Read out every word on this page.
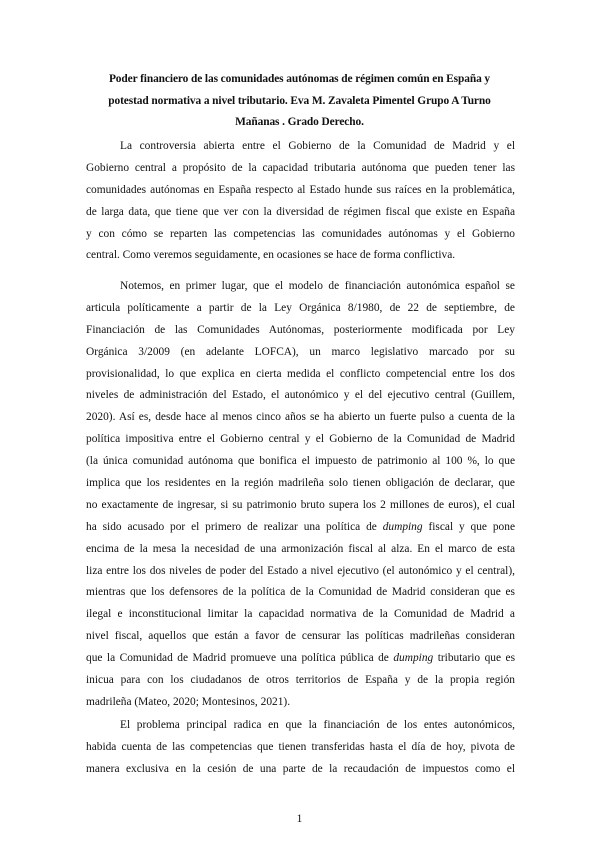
Poder financiero de las comunidades autónomas de régimen común en España y
potestad normativa a nivel tributario. Eva M. Zavaleta Pimentel Grupo A Turno
Mañanas . Grado Derecho.
La controversia abierta entre el Gobierno de la Comunidad de Madrid y el
Gobierno central a propósito de la capacidad tributaria autónoma que pueden tener las
comunidades autónomas en España respecto al Estado hunde sus raíces en la problemática,
de larga data, que tiene que ver con la diversidad de régimen fiscal que existe en España
y con cómo se reparten las competencias las comunidades autónomas y el Gobierno
central. Como veremos seguidamente, en ocasiones se hace de forma conflictiva.
Notemos, en primer lugar, que el modelo de financiación autonómica español se
articula políticamente a partir de la Ley Orgánica 8/1980, de 22 de septiembre, de
Financiación de las Comunidades Autónomas, posteriormente modificada por Ley
Orgánica 3/2009 (en adelante LOFCA), un marco legislativo marcado por su
provisionalidad, lo que explica en cierta medida el conflicto competencial entre los dos
niveles de administración del Estado, el autonómico y el del ejecutivo central (Guillem,
2020). Así es, desde hace al menos cinco años se ha abierto un fuerte pulso a cuenta de la
política impositiva entre el Gobierno central y el Gobierno de la Comunidad de Madrid
(la única comunidad autónoma que bonifica el impuesto de patrimonio al 100 %, lo que
implica que los residentes en la región madrileña solo tienen obligación de declarar, que
no exactamente de ingresar, si su patrimonio bruto supera los 2 millones de euros), el cual
ha sido acusado por el primero de realizar una política de dumping fiscal y que pone
encima de la mesa la necesidad de una armonización fiscal al alza. En el marco de esta
liza entre los dos niveles de poder del Estado a nivel ejecutivo (el autonómico y el central),
mientras que los defensores de la política de la Comunidad de Madrid consideran que es
ilegal e inconstitucional limitar la capacidad normativa de la Comunidad de Madrid a
nivel fiscal, aquellos que están a favor de censurar las políticas madrileñas consideran
que la Comunidad de Madrid promueve una política pública de dumping tributario que es
inicua para con los ciudadanos de otros territorios de España y de la propia región
madrileña (Mateo, 2020; Montesinos, 2021).
El problema principal radica en que la financiación de los entes autonómicos,
habida cuenta de las competencias que tienen transferidas hasta el día de hoy, pivota de
manera exclusiva en la cesión de una parte de la recaudación de impuestos como el
1
